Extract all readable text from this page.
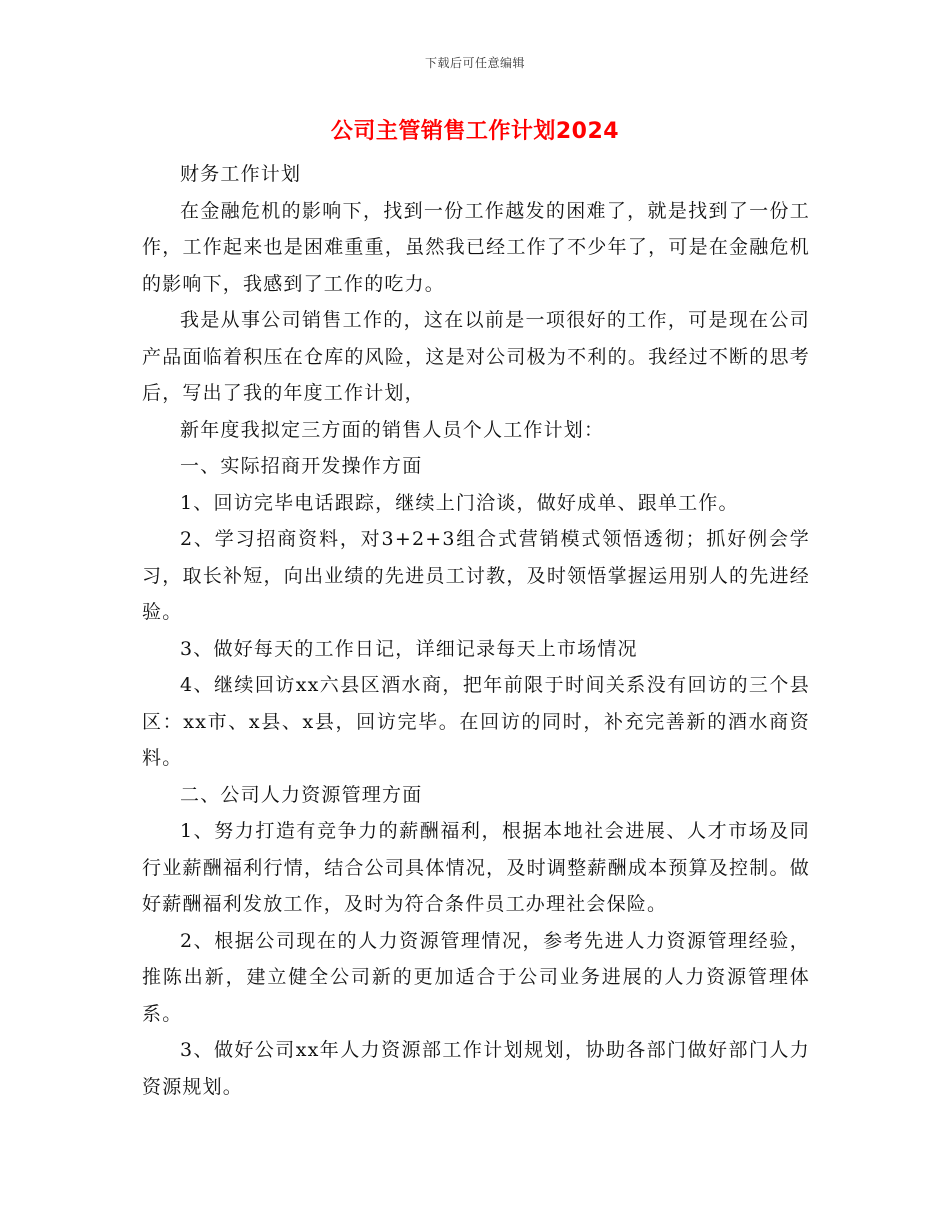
下载后可任意编辑
公司主管销售工作计划2024

财务工作计划

在金融危机的影响下，找到一份工作越发的困难了，就是找到了一份工作，工作起来也是困难重重，虽然我已经工作了不少年了，可是在金融危机的影响下，我感到了工作的吃力。

我是从事公司销售工作的，这在以前是一项很好的工作，可是现在公司产品面临着积压在仓库的风险，这是对公司极为不利的。我经过不断的思考后，写出了我的年度工作计划，

新年度我拟定三方面的销售人员个人工作计划：

一、实际招商开发操作方面

1、回访完毕电话跟踪，继续上门洽谈，做好成单、跟单工作。

2、学习招商资料，对3+2+3组合式营销模式领悟透彻；抓好例会学习，取长补短，向出业绩的先进员工讨教，及时领悟掌握运用别人的先进经验。

3、做好每天的工作日记，详细记录每天上市场情况

4、继续回访xx六县区酒水商，把年前限于时间关系没有回访的三个县区：xx市、x县、x县，回访完毕。在回访的同时，补充完善新的酒水商资料。

二、公司人力资源管理方面

1、努力打造有竞争力的薪酬福利，根据本地社会进展、人才市场及同行业薪酬福利行情，结合公司具体情况，及时调整薪酬成本预算及控制。做好薪酬福利发放工作，及时为符合条件员工办理社会保险。

2、根据公司现在的人力资源管理情况，参考先进人力资源管理经验，推陈出新，建立健全公司新的更加适合于公司业务进展的人力资源管理体系。

3、做好公司xx年人力资源部工作计划规划，协助各部门做好部门人力资源规划。
